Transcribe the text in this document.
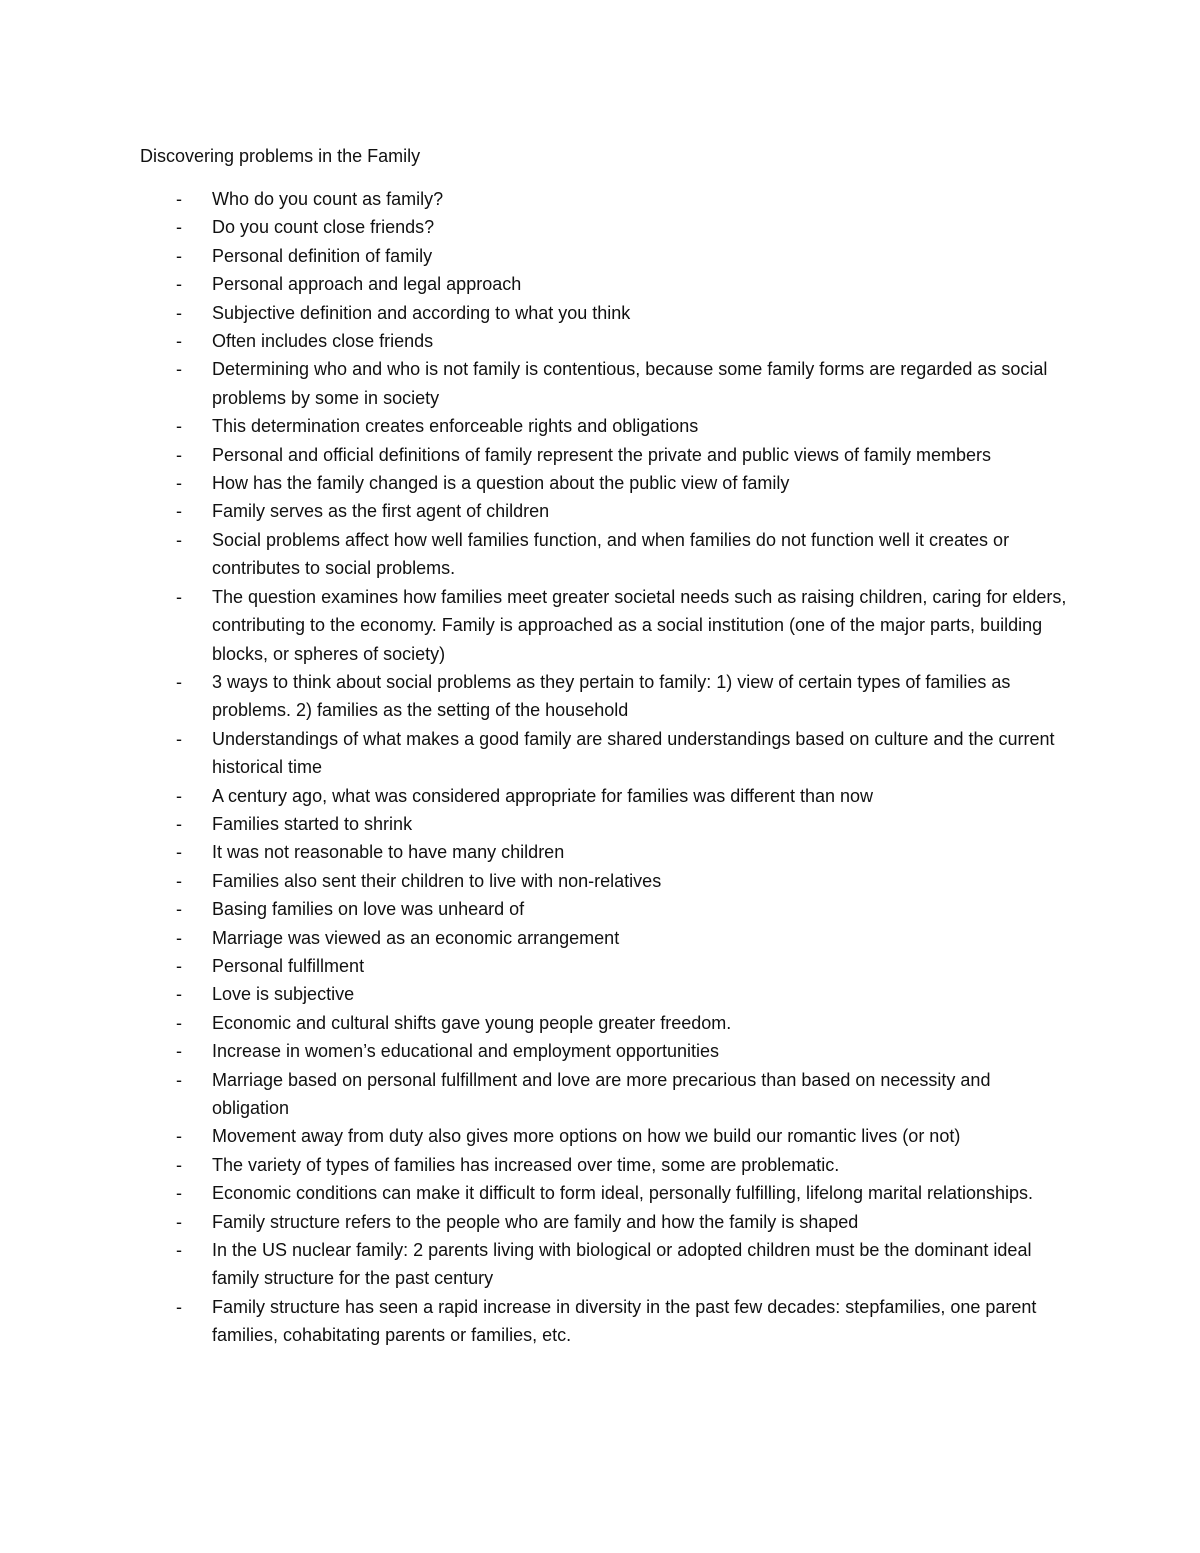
Discovering problems in the Family
- Who do you count as family?
- Do you count close friends?
- Personal definition of family
- Personal approach and legal approach
- Subjective definition and according to what you think
- Often includes close friends
- Determining who and who is not family is contentious, because some family forms are regarded as social problems by some in society
- This determination creates enforceable rights and obligations
- Personal and official definitions of family represent the private and public views of family members
- How has the family changed is a question about the public view of family
- Family serves as the first agent of children
- Social problems affect how well families function, and when families do not function well it creates or contributes to social problems.
- The question examines how families meet greater societal needs such as raising children, caring for elders, contributing to the economy. Family is approached as a social institution (one of the major parts, building blocks, or spheres of society)
- 3 ways to think about social problems as they pertain to family: 1) view of certain types of families as problems. 2) families as the setting of the household
- Understandings of what makes a good family are shared understandings based on culture and the current historical time
- A century ago, what was considered appropriate for families was different than now
- Families started to shrink
- It was not reasonable to have many children
- Families also sent their children to live with non-relatives
- Basing families on love was unheard of
- Marriage was viewed as an economic arrangement
- Personal fulfillment
- Love is subjective
- Economic and cultural shifts gave young people greater freedom.
- Increase in women’s educational and employment opportunities
- Marriage based on personal fulfillment and love are more precarious than based on necessity and obligation
- Movement away from duty also gives more options on how we build our romantic lives (or not)
- The variety of types of families has increased over time, some are problematic.
- Economic conditions can make it difficult to form ideal, personally fulfilling, lifelong marital relationships.
- Family structure refers to the people who are family and how the family is shaped
- In the US nuclear family: 2 parents living with biological or adopted children must be the dominant ideal family structure for the past century
- Family structure has seen a rapid increase in diversity in the past few decades: stepfamilies, one parent families, cohabitating parents or families, etc.
